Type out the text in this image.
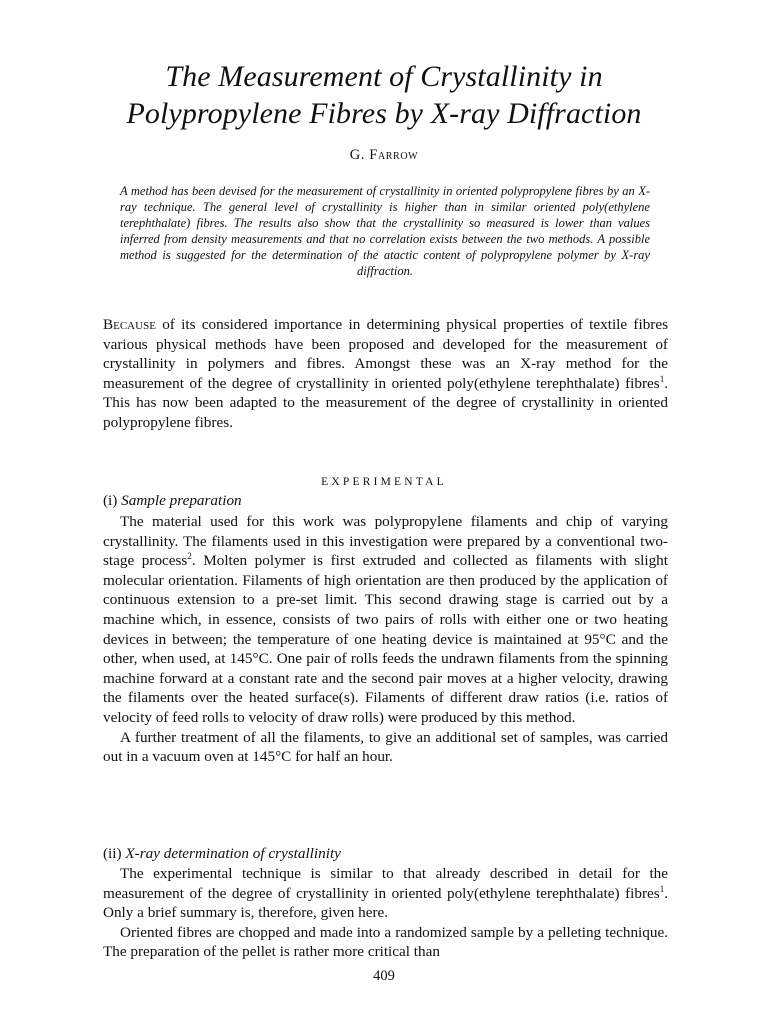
The Measurement of Crystallinity in
Polypropylene Fibres by X-ray Diffraction
G. Farrow
A method has been devised for the measurement of crystallinity in oriented polypropylene fibres by an X-ray technique. The general level of crystallinity is higher than in similar oriented poly(ethylene terephthalate) fibres. The results also show that the crystallinity so measured is lower than values inferred from density measurements and that no correlation exists between the two methods. A possible method is suggested for the determination of the atactic content of polypropylene polymer by X-ray diffraction.
Because of its considered importance in determining physical properties of textile fibres various physical methods have been proposed and developed for the measurement of crystallinity in polymers and fibres. Amongst these was an X-ray method for the measurement of the degree of crystallinity in oriented poly(ethylene terephthalate) fibres$^1$. This has now been adapted to the measurement of the degree of crystallinity in oriented polypropylene fibres.
EXPERIMENTAL
(i) Sample preparation

The material used for this work was polypropylene filaments and chip of varying crystallinity. The filaments used in this investigation were prepared by a conventional two-stage process$^2$. Molten polymer is first extruded and collected as filaments with slight molecular orientation. Filaments of high orientation are then produced by the application of continuous extension to a pre-set limit. This second drawing stage is carried out by a machine which, in essence, consists of two pairs of rolls with either one or two heating devices in between; the temperature of one heating device is maintained at 95°C and the other, when used, at 145°C. One pair of rolls feeds the undrawn filaments from the spinning machine forward at a constant rate and the second pair moves at a higher velocity, drawing the filaments over the heated surface(s). Filaments of different draw ratios (i.e. ratios of velocity of feed rolls to velocity of draw rolls) were produced by this method.

A further treatment of all the filaments, to give an additional set of samples, was carried out in a vacuum oven at 145°C for half an hour.

(ii) X-ray determination of crystallinity

The experimental technique is similar to that already described in detail for the measurement of the degree of crystallinity in oriented poly(ethylene terephthalate) fibres$^1$. Only a brief summary is, therefore, given here.

Oriented fibres are chopped and made into a randomized sample by a pelleting technique. The preparation of the pellet is rather more critical than

409
